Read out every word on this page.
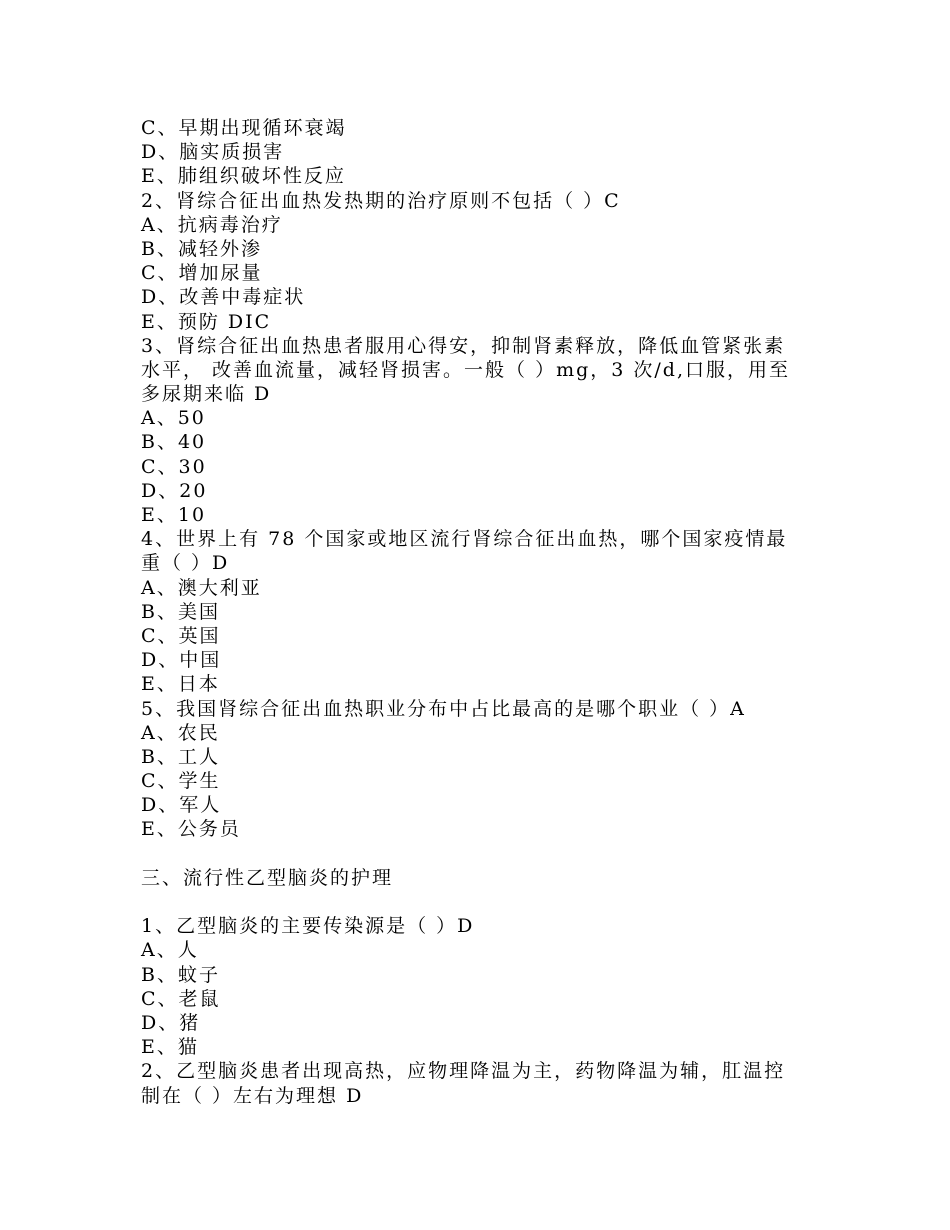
C、早期出现循环衰竭
D、脑实质损害
E、肺组织破坏性反应
2、肾综合征出血热发热期的治疗原则不包括（ ）C
A、抗病毒治疗
B、减轻外渗
C、增加尿量
D、改善中毒症状
E、预防 DIC
3、肾综合征出血热患者服用心得安，抑制肾素释放，降低血管紧张素
水平， 改善血流量，减轻肾损害。一般（ ）mg，3 次/d,口服，用至
多尿期来临 D
A、50
B、40
C、30
D、20
E、10
4、世界上有 78 个国家或地区流行肾综合征出血热，哪个国家疫情最
重（ ）D
A、澳大利亚
B、美国
C、英国
D、中国
E、日本
5、我国肾综合征出血热职业分布中占比最高的是哪个职业（ ）A
A、农民
B、工人
C、学生
D、军人
E、公务员
三、流行性乙型脑炎的护理
1、乙型脑炎的主要传染源是（ ）D
A、人
B、蚊子
C、老鼠
D、猪
E、猫
2、乙型脑炎患者出现高热，应物理降温为主，药物降温为辅，肛温控
制在（ ）左右为理想 D
